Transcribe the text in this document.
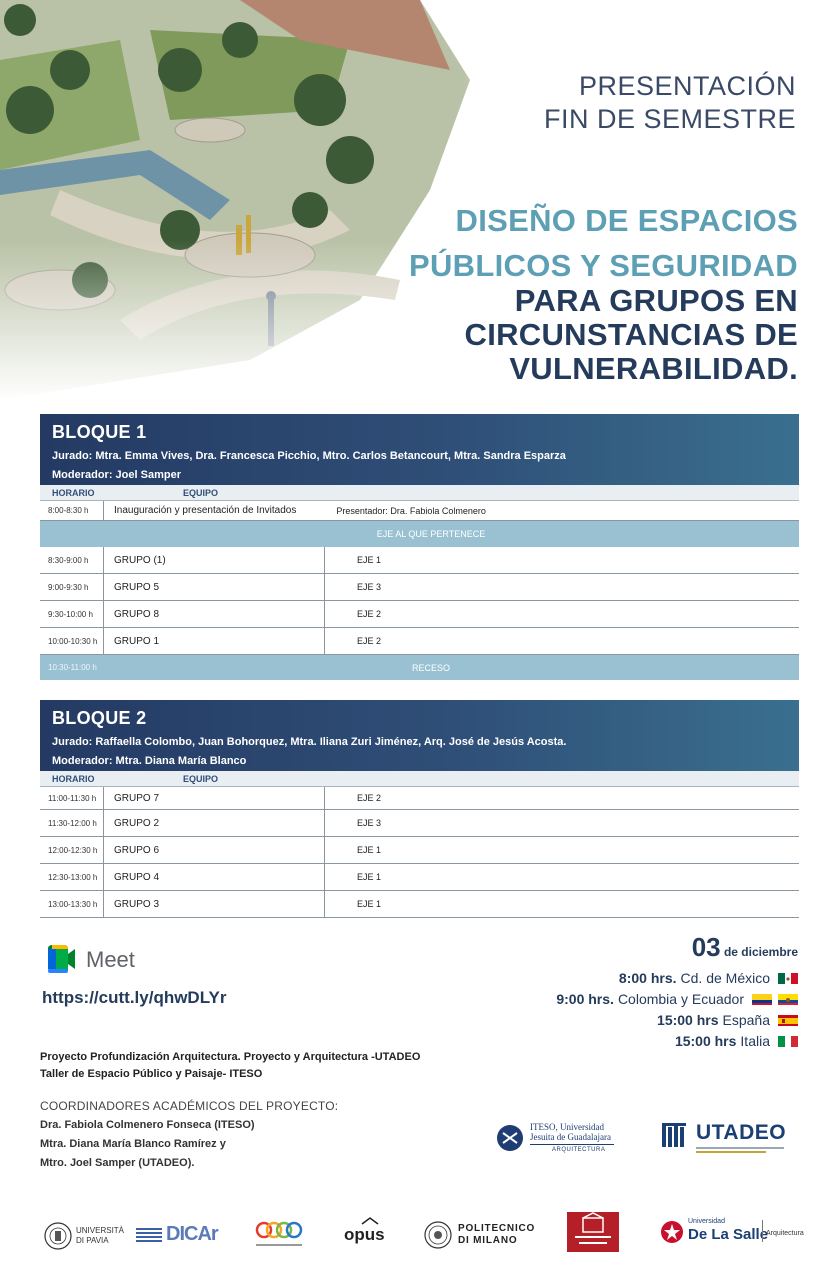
PRESENTACIÓN
FIN DE SEMESTRE
DISEÑO DE ESPACIOS
PÚBLICOS Y SEGURIDAD
PARA GRUPOS EN
CIRCUNSTANCIAS DE
VULNERABILIDAD.
BLOQUE 1
Jurado: Mtra. Emma Vives, Dra. Francesca Picchio, Mtro. Carlos Betancourt, Mtra. Sandra Esparza
Moderador: Joel Samper
HORARIO	EQUIPO
8:00-8:30 h	Inauguración y presentación de Invitados	Presentador: Dra. Fabiola Colmenero
EJE AL QUE PERTENECE
8:30-9:00 h	GRUPO (1)	EJE 1
9:00-9:30 h	GRUPO 5	EJE 3
9:30-10:00 h	GRUPO 8	EJE 2
10:00-10:30 h	GRUPO 1	EJE 2
10:30-11:00 h	RECESO
BLOQUE 2
Jurado: Raffaella Colombo, Juan Bohorquez, Mtra. Iliana Zuri Jiménez, Arq. José de Jesús Acosta.
Moderador: Mtra. Diana María Blanco
HORARIO	EQUIPO
11:00-11:30 h	GRUPO 7	EJE 2
11:30-12:00 h	GRUPO 2	EJE 3
12:00-12:30 h	GRUPO 6	EJE 1
12:30-13:00 h	GRUPO 4	EJE 1
13:00-13:30 h	GRUPO 3	EJE 1
Meet
https://cutt.ly/qhwDLYr
03 de diciembre
8:00 hrs. Cd. de México
9:00 hrs. Colombia y Ecuador
15:00 hrs España
15:00 hrs Italia
Proyecto Profundización Arquitectura. Proyecto y Arquitectura -UTADEO
Taller de Espacio Público y Paisaje- ITESO
COORDINADORES ACADÉMICOS DEL PROYECTO:
Dra. Fabiola Colmenero Fonseca (ITESO)
Mtra. Diana María Blanco Ramírez y
Mtro. Joel Samper (UTADEO).
ITESO, Universidad
Jesuita de Guadalajara
ARQUITECTURA
UTADEO
UNIVERSITÀ
DI PAVIA	DICAr	opus	POLITECNICO
DI MILANO
Universidad
De La Salle
Arquitectura
